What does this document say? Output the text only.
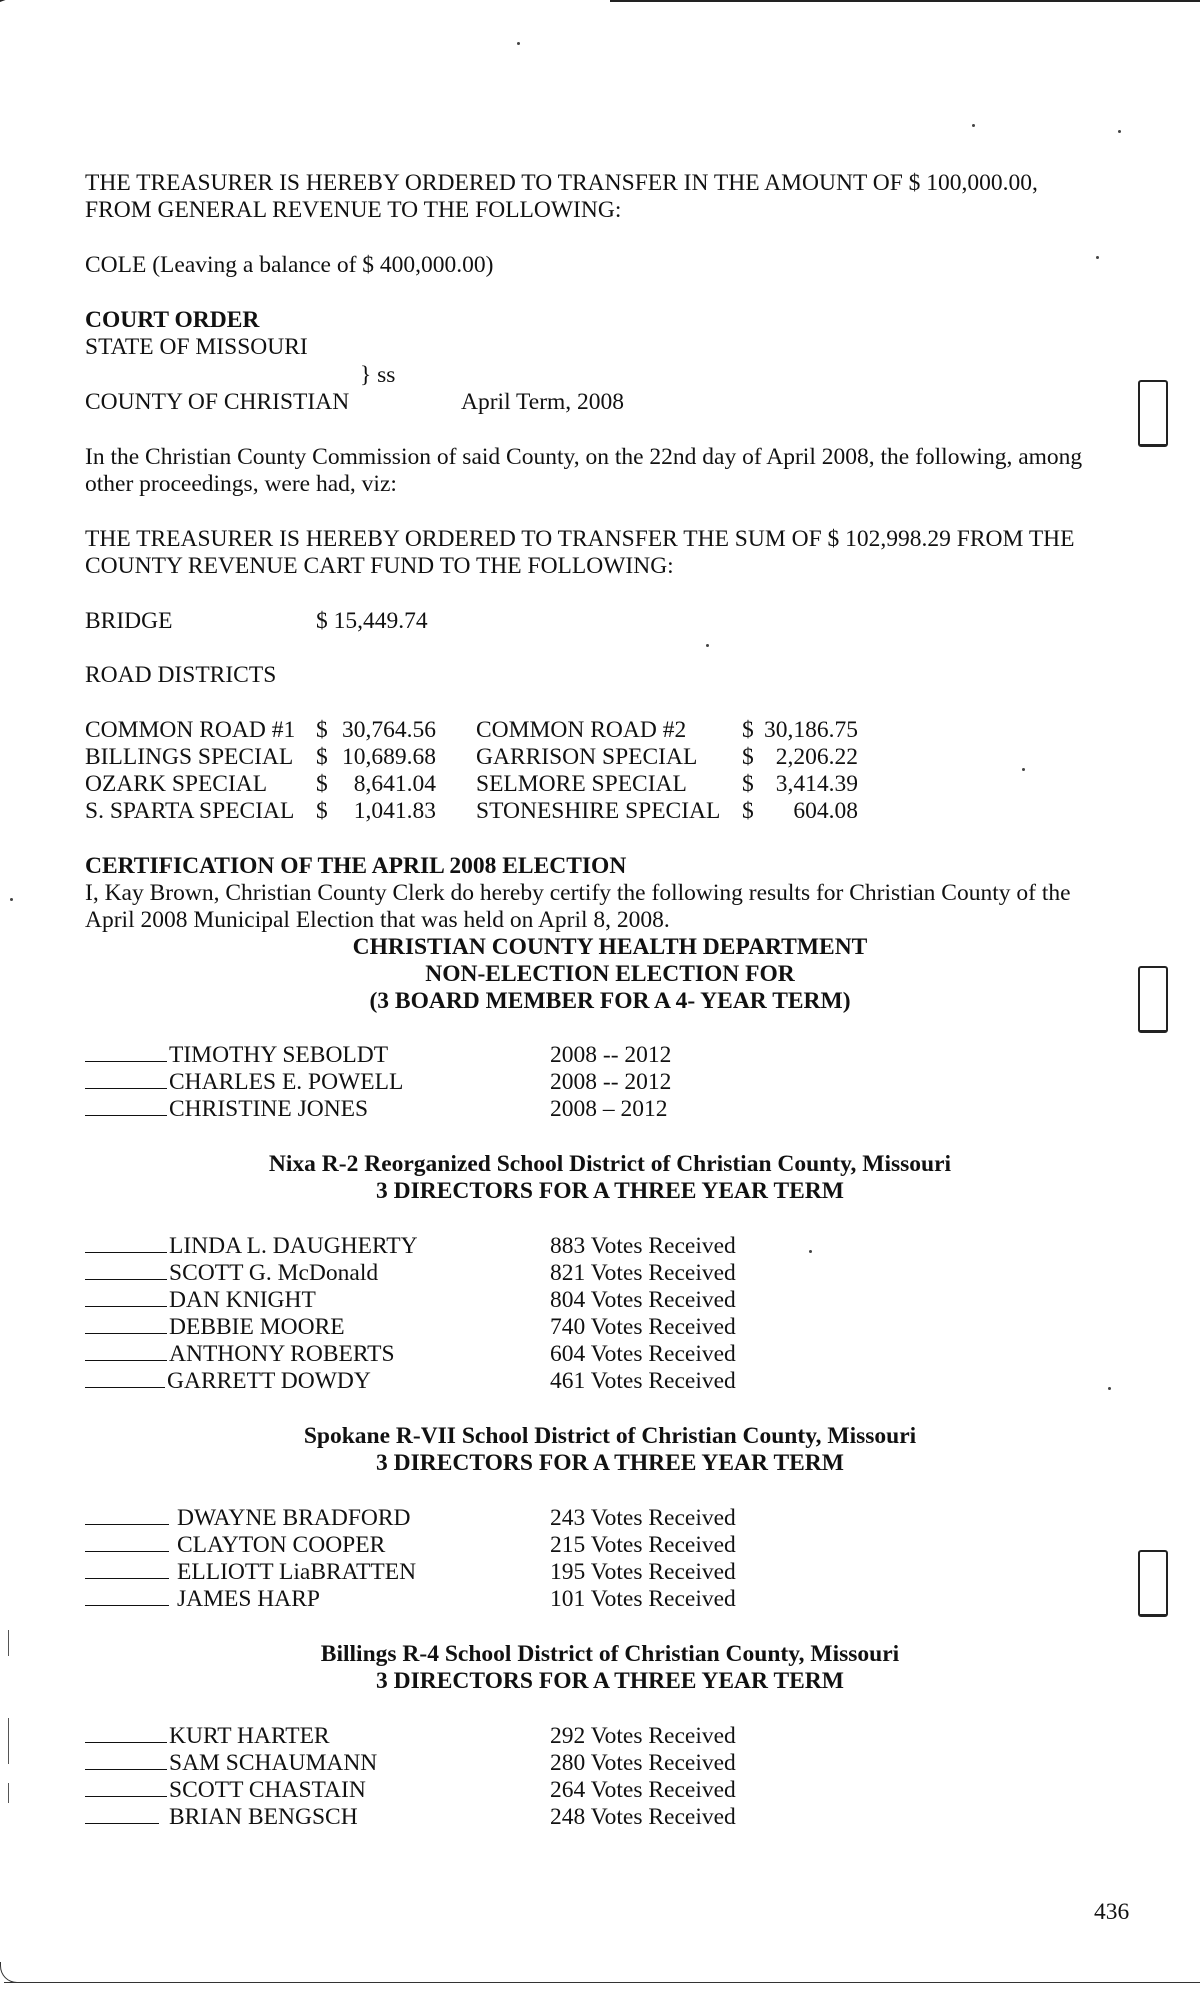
THE TREASURER IS HEREBY ORDERED TO TRANSFER IN THE AMOUNT OF $ 100,000.00,
FROM GENERAL REVENUE TO THE FOLLOWING:
COLE (Leaving a balance of $ 400,000.00)
COURT ORDER
STATE OF MISSOURI
} ss
COUNTY OF CHRISTIAN	April Term, 2008
In the Christian County Commission of said County, on the 22nd day of April 2008, the following, among
other proceedings, were had, viz:
THE TREASURER IS HEREBY ORDERED TO TRANSFER THE SUM OF $ 102,998.29 FROM THE
COUNTY REVENUE CART FUND TO THE FOLLOWING:
BRIDGE	$ 15,449.74
ROAD DISTRICTS
COMMON ROAD #1 $ 30,764.56 COMMON ROAD #2 $ 30,186.75
BILLINGS SPECIAL $ 10,689.68 GARRISON SPECIAL $ 2,206.22
OZARK SPECIAL $	8,641.04 SELMORE SPECIAL $ 3,414.39
S. SPARTA SPECIAL $	1,041.83 STONESHIRE SPECIAL $	604.08
CERTIFICATION OF THE APRIL 2008 ELECTION
I, Kay Brown, Christian County Clerk do hereby certify the following results for Christian County of the
April 2008 Municipal Election that was held on April 8, 2008.
CHRISTIAN COUNTY HEALTH DEPARTMENT
NON-ELECTION ELECTION FOR
(3 BOARD MEMBER FOR A 4- YEAR TERM)
TIMOTHY SEBOLDT	2008 -- 2012
CHARLES E. POWELL	2008 -- 2012
CHRISTINE JONES	2008 – 2012
Nixa R-2 Reorganized School District of Christian County, Missouri
3 DIRECTORS FOR A THREE YEAR TERM
LINDA L. DAUGHERTY	883 Votes Received
SCOTT G. McDonald	821 Votes Received
DAN KNIGHT	804 Votes Received
DEBBIE MOORE	740 Votes Received
ANTHONY ROBERTS	604 Votes Received
GARRETT DOWDY	461 Votes Received
Spokane R-VII School District of Christian County, Missouri
3 DIRECTORS FOR A THREE YEAR TERM
DWAYNE BRADFORD	243 Votes Received
CLAYTON COOPER	215 Votes Received
ELLIOTT LiaBRATTEN	195 Votes Received
JAMES HARP	101 Votes Received
Billings R-4 School District of Christian County, Missouri
3 DIRECTORS FOR A THREE YEAR TERM
KURT HARTER	292 Votes Received
SAM SCHAUMANN	280 Votes Received
SCOTT CHASTAIN	264 Votes Received
BRIAN BENGSCH	248 Votes Received
436
